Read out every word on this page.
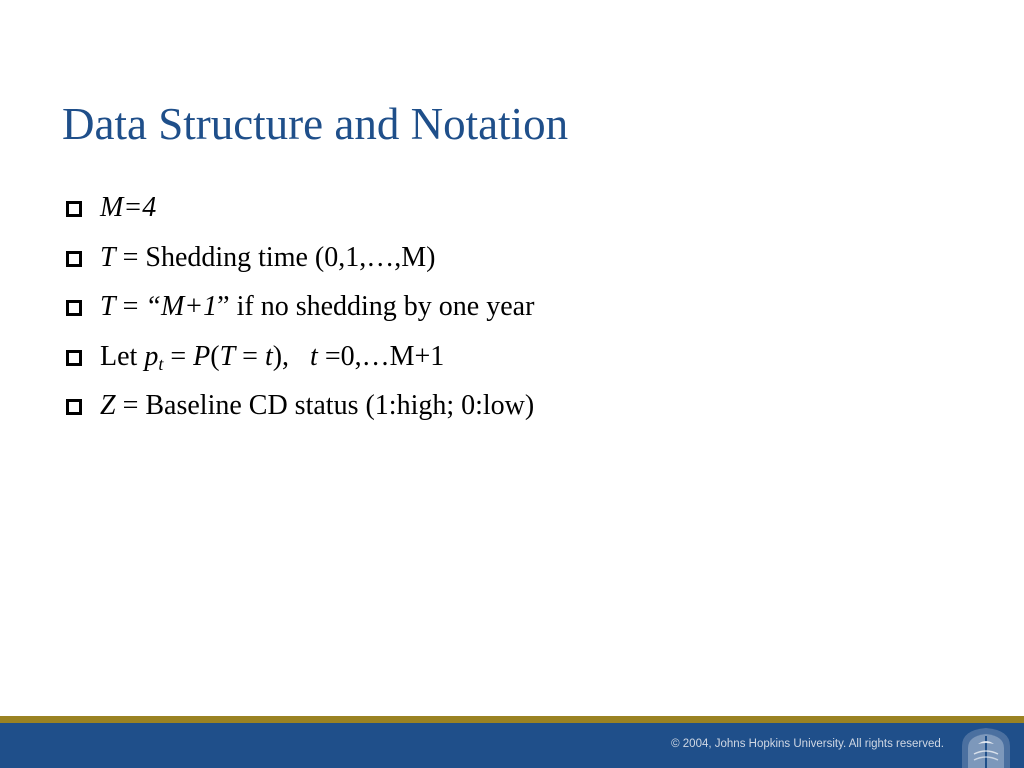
Data Structure and Notation
M=4
T = Shedding time (0,1,…,M)
T = “M+1” if no shedding by one year
Let $p_t = P(T = t)$,   t =0,…M+1
Z = Baseline CD status (1:high; 0:low)
© 2004, Johns Hopkins University. All rights reserved.
